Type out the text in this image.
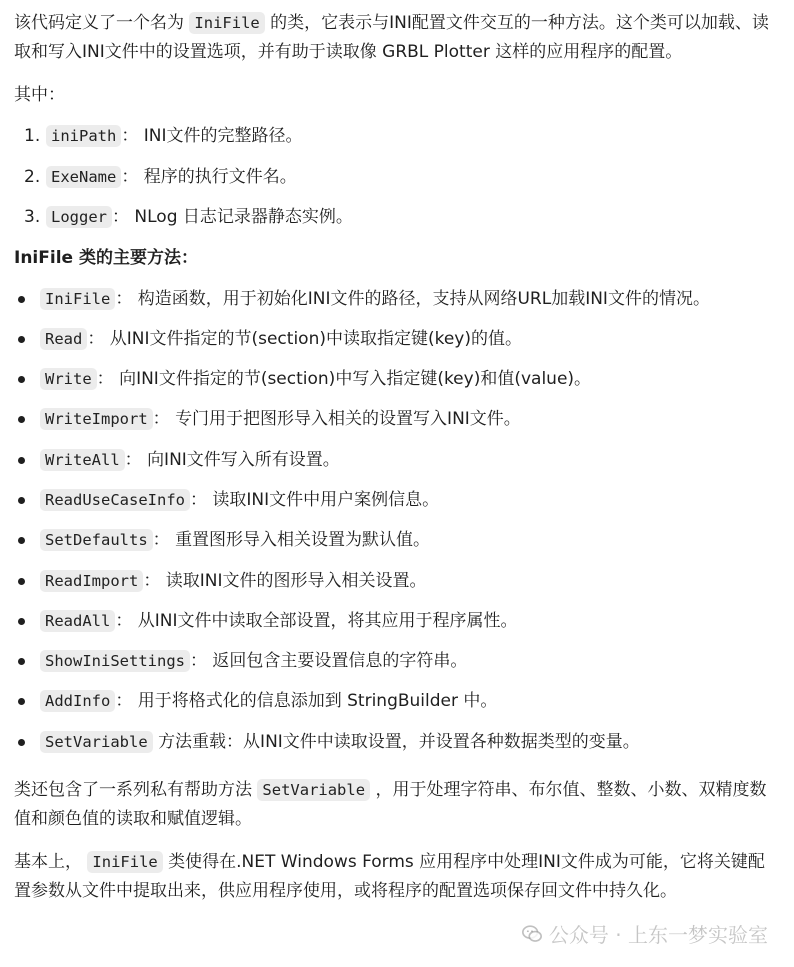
该代码定义了一个名为 IniFile 的类，它表示与INI配置文件交互的一种方法。这个类可以加载、读取和写入INI文件中的设置选项，并有助于读取像 GRBL Plotter 这样的应用程序的配置。

其中：

1. iniPath ： INI文件的完整路径。
2. ExeName ： 程序的执行文件名。
3. Logger ： NLog 日志记录器静态实例。

IniFile 类的主要方法：

IniFile ： 构造函数，用于初始化INI文件的路径，支持从网络URL加载INI文件的情况。
Read ： 从INI文件指定的节(section)中读取指定键(key)的值。
Write ： 向INI文件指定的节(section)中写入指定键(key)和值(value)。
WriteImport ： 专门用于把图形导入相关的设置写入INI文件。
WriteAll ： 向INI文件写入所有设置。
ReadUseCaseInfo ： 读取INI文件中用户案例信息。
SetDefaults ： 重置图形导入相关设置为默认值。
ReadImport ： 读取INI文件的图形导入相关设置。
ReadAll ： 从INI文件中读取全部设置，将其应用于程序属性。
ShowIniSettings ： 返回包含主要设置信息的字符串。
AddInfo ： 用于将格式化的信息添加到 StringBuilder 中。
SetVariable 方法重载：从INI文件中读取设置，并设置各种数据类型的变量。

类还包含了一系列私有帮助方法 SetVariable ，用于处理字符串、布尔值、整数、小数、双精度数值和颜色值的读取和赋值逻辑。

基本上， IniFile 类使得在.NET Windows Forms 应用程序中处理INI文件成为可能，它将关键配置参数从文件中提取出来，供应用程序使用，或将程序的配置选项保存回文件中持久化。

公众号 · 上东一梦实验室
